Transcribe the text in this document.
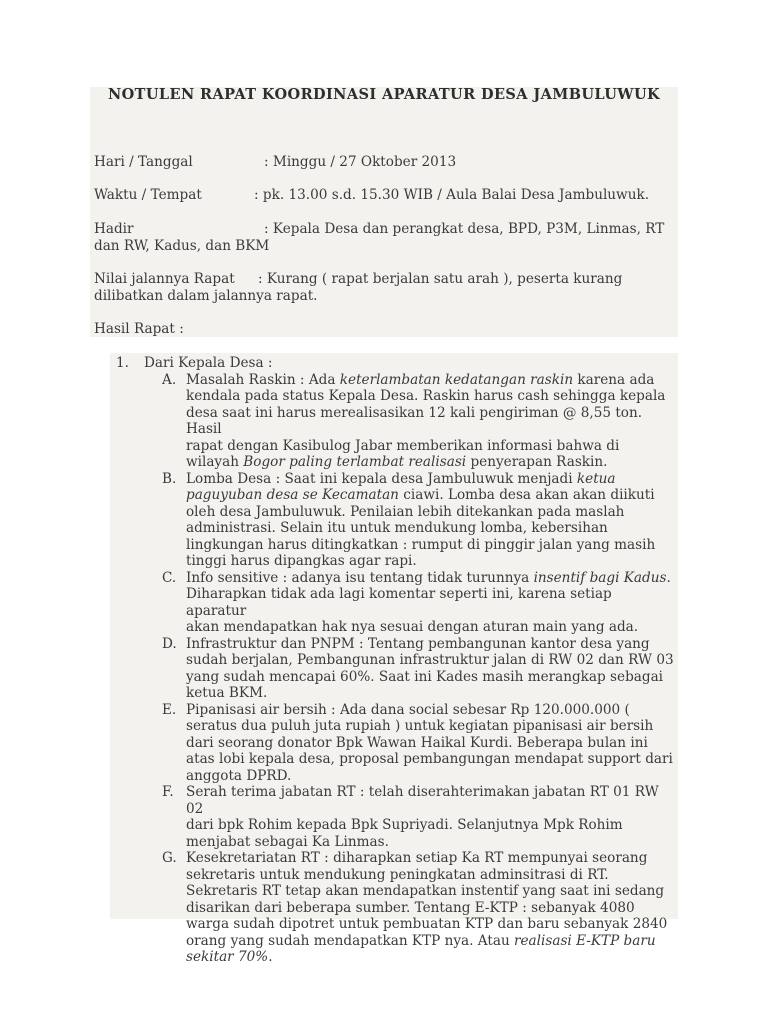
NOTULEN RAPAT KOORDINASI APARATUR DESA JAMBULUWUK
Hari / Tanggal	: Minggu / 27 Oktober 2013
Waktu / Tempat	: pk. 13.00 s.d. 15.30 WIB / Aula Balai Desa Jambuluwuk.
Hadir	: Kepala Desa dan perangkat desa, BPD, P3M, Linmas, RT
dan RW, Kadus, dan BKM
Nilai jalannya Rapat : Kurang ( rapat berjalan satu arah ), peserta kurang
dilibatkan dalam jalannya rapat.
Hasil Rapat :
1.	Dari Kepala Desa :
A. Masalah Raskin : Ada keterlambatan kedatangan raskin karena ada
kendala pada status Kepala Desa. Raskin harus cash sehingga kepala
desa saat ini harus merealisasikan 12 kali pengiriman @ 8,55 ton. Hasil
rapat dengan Kasibulog Jabar memberikan informasi bahwa di
wilayah Bogor paling terlambat realisasi penyerapan Raskin.
B. Lomba Desa : Saat ini kepala desa Jambuluwuk menjadi ketua
paguyuban desa se Kecamatan ciawi. Lomba desa akan akan diikuti
oleh desa Jambuluwuk. Penilaian lebih ditekankan pada maslah
administrasi. Selain itu untuk mendukung lomba, kebersihan
lingkungan harus ditingkatkan : rumput di pinggir jalan yang masih
tinggi harus dipangkas agar rapi.
C. Info sensitive : adanya isu tentang tidak turunnya insentif bagi Kadus.
Diharapkan tidak ada lagi komentar seperti ini, karena setiap aparatur
akan mendapatkan hak nya sesuai dengan aturan main yang ada.
D. Infrastruktur dan PNPM : Tentang pembangunan kantor desa yang
sudah berjalan, Pembangunan infrastruktur jalan di RW 02 dan RW 03
yang sudah mencapai 60%. Saat ini Kades masih merangkap sebagai
ketua BKM.
E. Pipanisasi air bersih : Ada dana social sebesar Rp 120.000.000 (
seratus dua puluh juta rupiah ) untuk kegiatan pipanisasi air bersih
dari seorang donator Bpk Wawan Haikal Kurdi. Beberapa bulan ini
atas lobi kepala desa, proposal pembangungan mendapat support dari
anggota DPRD.
F. Serah terima jabatan RT : telah diserahterimakan jabatan RT 01 RW 02
dari bpk Rohim kepada Bpk Supriyadi. Selanjutnya Mpk Rohim
menjabat sebagai Ka Linmas.
G. Kesekretariatan RT : diharapkan setiap Ka RT mempunyai seorang
sekretaris untuk mendukung peningkatan adminsitrasi di RT.
Sekretaris RT tetap akan mendapatkan instentif yang saat ini sedang
disarikan dari beberapa sumber. Tentang E-KTP : sebanyak 4080
warga sudah dipotret untuk pembuatan KTP dan baru sebanyak 2840
orang yang sudah mendapatkan KTP nya. Atau realisasi E-KTP baru
sekitar 70%.
